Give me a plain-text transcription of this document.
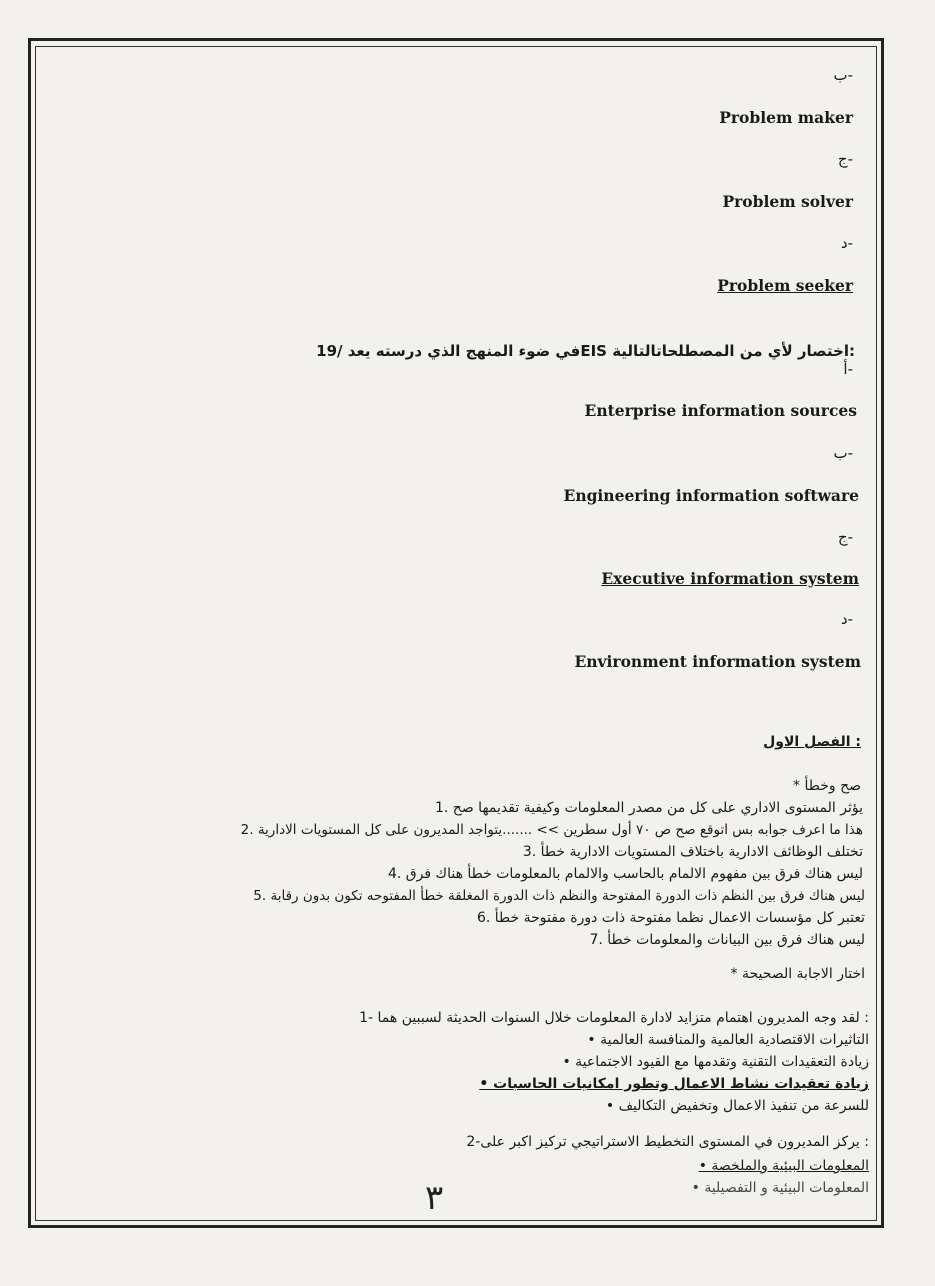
ب-
Problem maker
ج-
Problem solver
د-
Problem seeker
:اختصار لأي من المصطلحاتالتالية EISفي ضوء المنهج الذي درسته يعد /19
أ-
Enterprise information sources
ب-
Engineering information software
ج-
Executive information system
د-
Environment information system
: الفصل الاول
صح وخطأ *
يؤثر المستوى الاداري على كل من مصدر المعلومات وكيفية تقديمها صح .1
هذا ما اعرف جوابه بس اتوقع صح ص ٧٠ أول سطرين >> .......يتواجد المديرون على كل المستويات الادارية .2
تختلف الوظائف الادارية باختلاف المستويات الادارية خطأ .3
ليس هناك فرق بين مفهوم الالمام بالحاسب والالمام بالمعلومات خطأ هناك فرق .4
ليس هناك فرق بين النظم ذات الدورة المفتوحة والنظم ذات الدورة المغلقة خطأ المفتوحه تكون بدون رقابة .5
تعتبر كل مؤسسات الاعمال نظما مفتوحة ذات دورة مفتوحة خطأ .6
ليس هناك فرق بين البيانات والمعلومات خطأ .7
اختار الاجابة الصحيحة *
: لقد وجه المديرون اهتمام متزايد لادارة المعلومات خلال السنوات الحديثة لسببين هما -1
التاثيرات الاقتصادية العالمية والمنافسة العالمية •
زيادة التعقيدات التقنية وتقدمها مع القيود الاجتماعية •
زيادة تعقيدات نشاط الاعمال وتطور امكانيات الحاسبات •
للسرعة من تنفيذ الاعمال وتخفيض التكاليف •
: يركز المديرون في المستوى التخطيط الاستراتيجي تركيز اكبر على-2
المعلومات البيئية والملخصة •
المعلومات البيئية و التفصيلية •
٣
